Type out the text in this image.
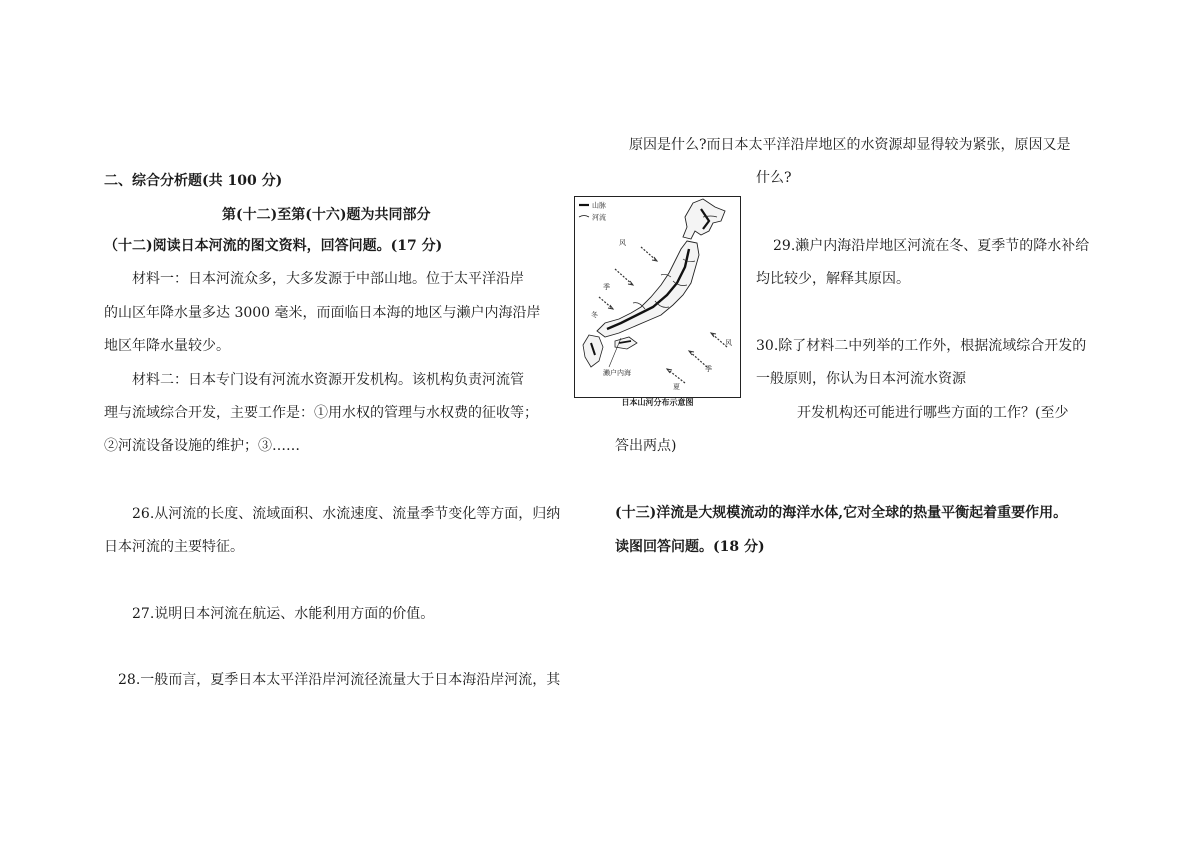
二、综合分析题(共 100 分)
第(十二)至第(十六)题为共同部分
（十二)阅读日本河流的图文资料，回答问题。(17 分)
材料一：日本河流众多，大多发源于中部山地。位于太平洋沿岸
的山区年降水量多达 3000 毫米，而面临日本海的地区与濑户内海沿岸
地区年降水量较少。
材料二：日本专门设有河流水资源开发机构。该机构负责河流管
理与流域综合开发，主要工作是：①用水权的管理与水权费的征收等；
②河流设备设施的维护；③……
26.从河流的长度、流域面积、水流速度、流量季节变化等方面，归纳
日本河流的主要特征。
27.说明日本河流在航运、水能利用方面的价值。
28.一般而言，夏季日本太平洋沿岸河流径流量大于日本海沿岸河流，其
山脉
河流
冬
季
风
夏
季
风
濑户内海
日本山河分布示意图
原因是什么?而日本太平洋沿岸地区的水资源却显得较为紧张，原因又是
什么?
29.濑户内海沿岸地区河流在冬、夏季节的降水补给
均比较少，解释其原因。
30.除了材料二中列举的工作外，根据流域综合开发的
一般原则，你认为日本河流水资源
开发机构还可能进行哪些方面的工作？(至少
答出两点)
(十三)洋流是大规模流动的海洋水体,它对全球的热量平衡起着重要作用。
读图回答问题。(18 分)
